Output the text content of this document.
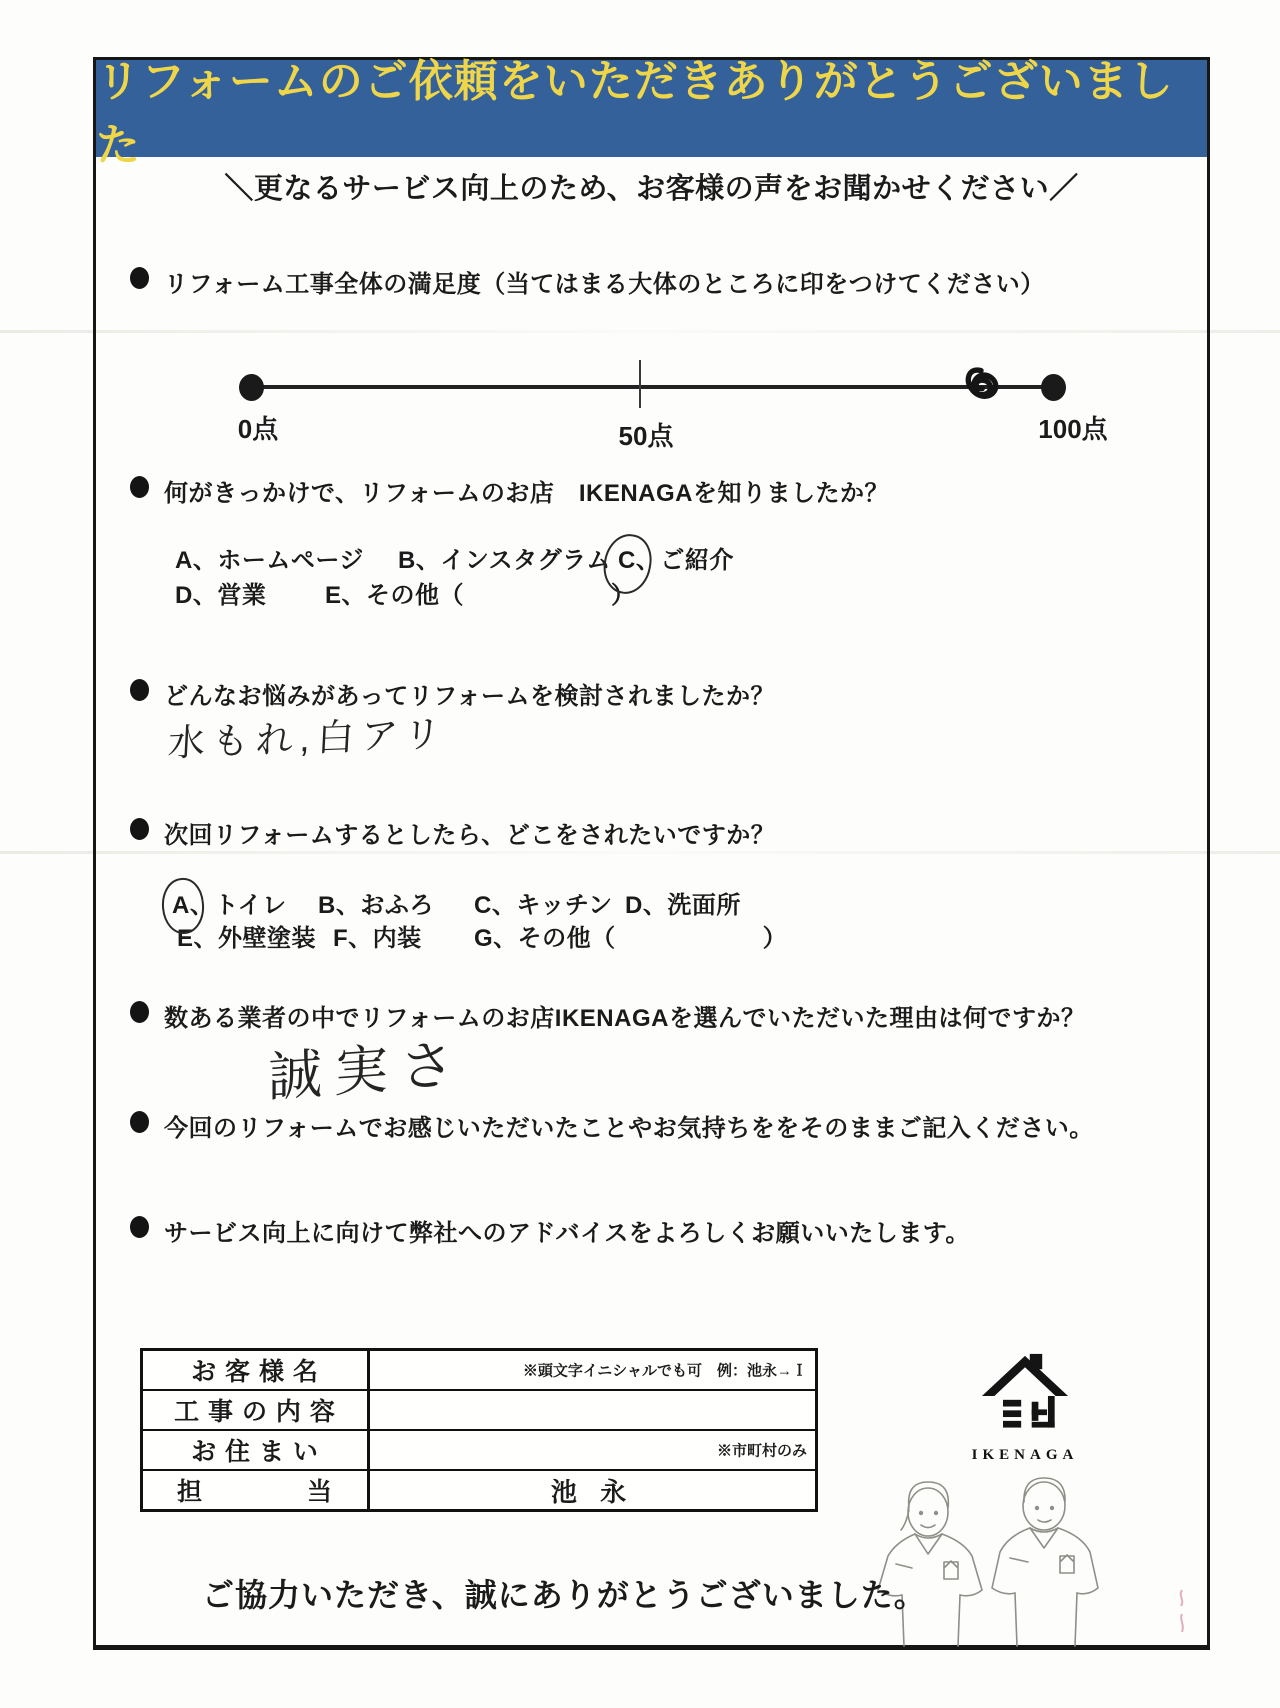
リフォームのご依頼をいただきありがとうございました
＼更なるサービス向上のため、お客様の声をお聞かせください／
リフォーム工事全体の満足度（当てはまる大体のところに印をつけてください）
0点	50点	100点
何がきっかけで、リフォームのお店　IKENAGAを知りましたか？
A、ホームページ B、インスタグラム C、ご紹介
D、営業 E、その他（　　　　　　）
どんなお悩みがあってリフォームを検討されましたか？
水もれ,白アリ
次回リフォームするとしたら、どこをされたいですか？
A、トイレ B、おふろ C、キッチン D、洗面所
E、外壁塗装 F、内装 G、その他（　　　　　　）
数ある業者の中でリフォームのお店IKENAGAを選んでいただいた理由は何ですか？
誠実さ
今回のリフォームでお感じいただいたことやお気持ちををそのままご記入ください。
サービス向上に向けて弊社へのアドバイスをよろしくお願いいたします。
お 客 様 名	※頭文字イニシャルでも可　例：池永→Ｉ
工 事 の 内 容
お 住 ま い	※市町村のみ
担　　　　当	池 永
IKENAGA
ご協力いただき、誠にありがとうございました。
